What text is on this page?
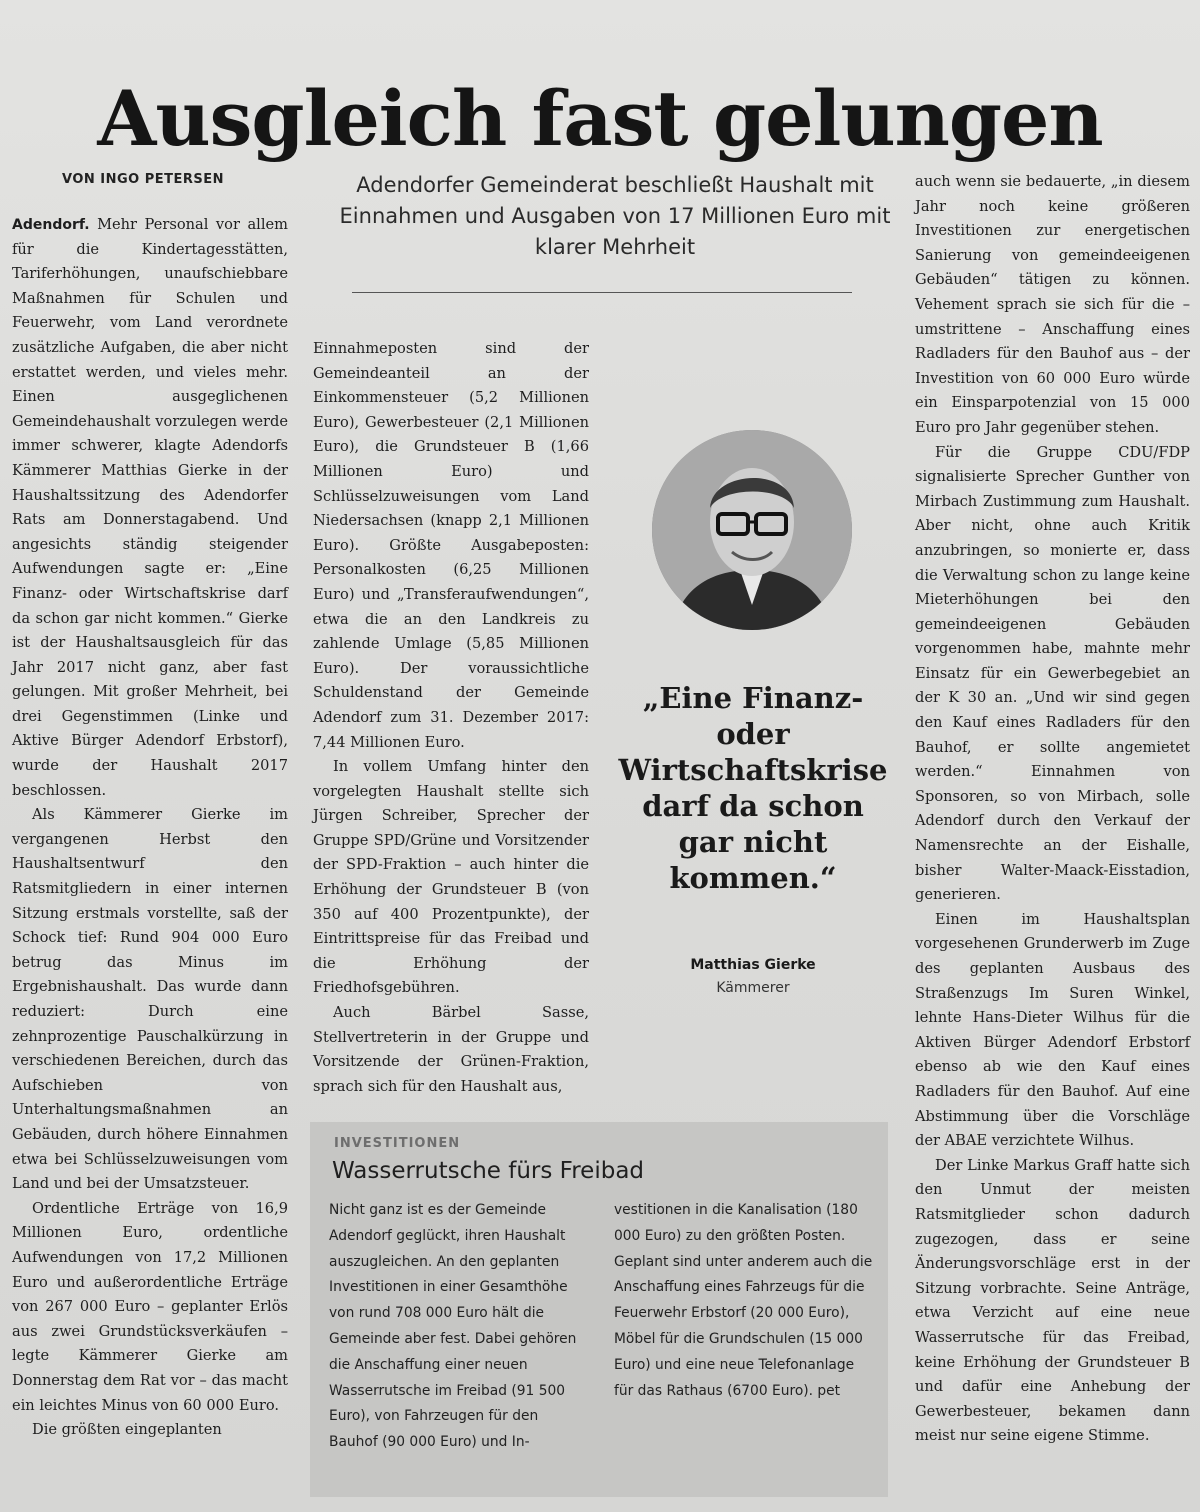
Ausgleich fast gelungen
VON INGO PETERSEN	Adendorfer Gemeinderat beschließt Haushalt mit Einnahmen und Ausgaben von 17 Millionen Euro mit klarer Mehrheit

Adendorf. Mehr Personal vor allem für die Kindertagesstätten, Tariferhöhungen, unaufschiebbare Maßnahmen für Schulen und Feuerwehr, vom Land verordnete zusätzliche Aufgaben, die aber nicht erstattet werden, und vieles mehr. Einen ausgeglichenen Gemeindehaushalt vorzulegen werde immer schwerer, klagte Adendorfs Kämmerer Matthias Gierke in der Haushaltssitzung des Adendorfer Rats am Donnerstagabend. Und angesichts ständig steigender Aufwendungen sagte er: „Eine Finanz- oder Wirtschaftskrise darf da schon gar nicht kommen.“ Gierke ist der Haushaltsausgleich für das Jahr 2017 nicht ganz, aber fast gelungen. Mit großer Mehrheit, bei drei Gegenstimmen (Linke und Aktive Bürger Adendorf Erbstorf), wurde der Haushalt 2017 beschlossen.

Als Kämmerer Gierke im vergangenen Herbst den Haushaltsentwurf den Ratsmitgliedern in einer internen Sitzung erstmals vorstellte, saß der Schock tief: Rund 904 000 Euro betrug das Minus im Ergebnishaushalt. Das wurde dann reduziert: Durch eine zehnprozentige Pauschalkürzung in verschiedenen Bereichen, durch das Aufschieben von Unterhaltungsmaßnahmen an Gebäuden, durch höhere Einnahmen etwa bei Schlüsselzuweisungen vom Land und bei der Umsatzsteuer.

Ordentliche Erträge von 16,9 Millionen Euro, ordentliche Aufwendungen von 17,2 Millionen Euro und außerordentliche Erträge von 267 000 Euro – geplanter Erlös aus zwei Grundstücksverkäufen – legte Kämmerer Gierke am Donnerstag dem Rat vor – das macht ein leichtes Minus von 60 000 Euro.

Die größten eingeplanten

Einnahmeposten sind der Gemeindeanteil an der Einkommensteuer (5,2 Millionen Euro), Gewerbesteuer (2,1 Millionen Euro), die Grundsteuer B (1,66 Millionen Euro) und Schlüsselzuweisungen vom Land Niedersachsen (knapp 2,1 Millionen Euro). Größte Ausgabeposten: Personalkosten (6,25 Millionen Euro) und „Transferaufwendungen“, etwa die an den Landkreis zu zahlende Umlage (5,85 Millionen Euro). Der voraussichtliche Schuldenstand der Gemeinde Adendorf zum 31. Dezember 2017: 7,44 Millionen Euro.

In vollem Umfang hinter den vorgelegten Haushalt stellte sich Jürgen Schreiber, Sprecher der Gruppe SPD/Grüne und Vorsitzender der SPD-Fraktion – auch hinter die Erhöhung der Grundsteuer B (von 350 auf 400 Prozentpunkte), der Eintrittspreise für das Freibad und die Erhöhung der Friedhofsgebühren.

Auch Bärbel Sasse, Stellvertreterin in der Gruppe und Vorsitzende der Grünen-Fraktion, sprach sich für den Haushalt aus,

„Eine Finanz- oder Wirtschaftskrise darf da schon gar nicht kommen.“
Matthias Gierke
Kämmerer

auch wenn sie bedauerte, „in diesem Jahr noch keine größeren Investitionen zur energetischen Sanierung von gemeindeeigenen Gebäuden“ tätigen zu können. Vehement sprach sie sich für die – umstrittene – Anschaffung eines Radladers für den Bauhof aus – der Investition von 60 000 Euro würde ein Einsparpotenzial von 15 000 Euro pro Jahr gegenüber stehen.

Für die Gruppe CDU/FDP signalisierte Sprecher Gunther von Mirbach Zustimmung zum Haushalt. Aber nicht, ohne auch Kritik anzubringen, so monierte er, dass die Verwaltung schon zu lange keine Mieterhöhungen bei den gemeindeeigenen Gebäuden vorgenommen habe, mahnte mehr Einsatz für ein Gewerbegebiet an der K 30 an. „Und wir sind gegen den Kauf eines Radladers für den Bauhof, er sollte angemietet werden.“ Einnahmen von Sponsoren, so von Mirbach, solle Adendorf durch den Verkauf der Namensrechte an der Eishalle, bisher Walter-Maack-Eisstadion, generieren.

Einen im Haushaltsplan vorgesehenen Grunderwerb im Zuge des geplanten Ausbaus des Straßenzugs Im Suren Winkel, lehnte Hans-Dieter Wilhus für die Aktiven Bürger Adendorf Erbstorf ebenso ab wie den Kauf eines Radladers für den Bauhof. Auf eine Abstimmung über die Vorschläge der ABAE verzichtete Wilhus.

Der Linke Markus Graff hatte sich den Unmut der meisten Ratsmitglieder schon dadurch zugezogen, dass er seine Änderungsvorschläge erst in der Sitzung vorbrachte. Seine Anträge, etwa Verzicht auf eine neue Wasserrutsche für das Freibad, keine Erhöhung der Grundsteuer B und dafür eine Anhebung der Gewerbesteuer, bekamen dann meist nur seine eigene Stimme.

INVESTITIONEN
Wasserrutsche fürs Freibad

Nicht ganz ist es der Gemeinde Adendorf geglückt, ihren Haushalt auszugleichen. An den geplanten Investitionen in einer Gesamthöhe von rund 708 000 Euro hält die Gemeinde aber fest. Dabei gehören die Anschaffung einer neuen Wasserrutsche im Freibad (91 500 Euro), von Fahrzeugen für den Bauhof (90 000 Euro) und In-

vestitionen in die Kanalisation (180 000 Euro) zu den größten Posten.

Geplant sind unter anderem auch die Anschaffung eines Fahrzeugs für die Feuerwehr Erbstorf (20 000 Euro), Möbel für die Grundschulen (15 000 Euro) und eine neue Telefonanlage für das Rathaus (6700 Euro). pet
